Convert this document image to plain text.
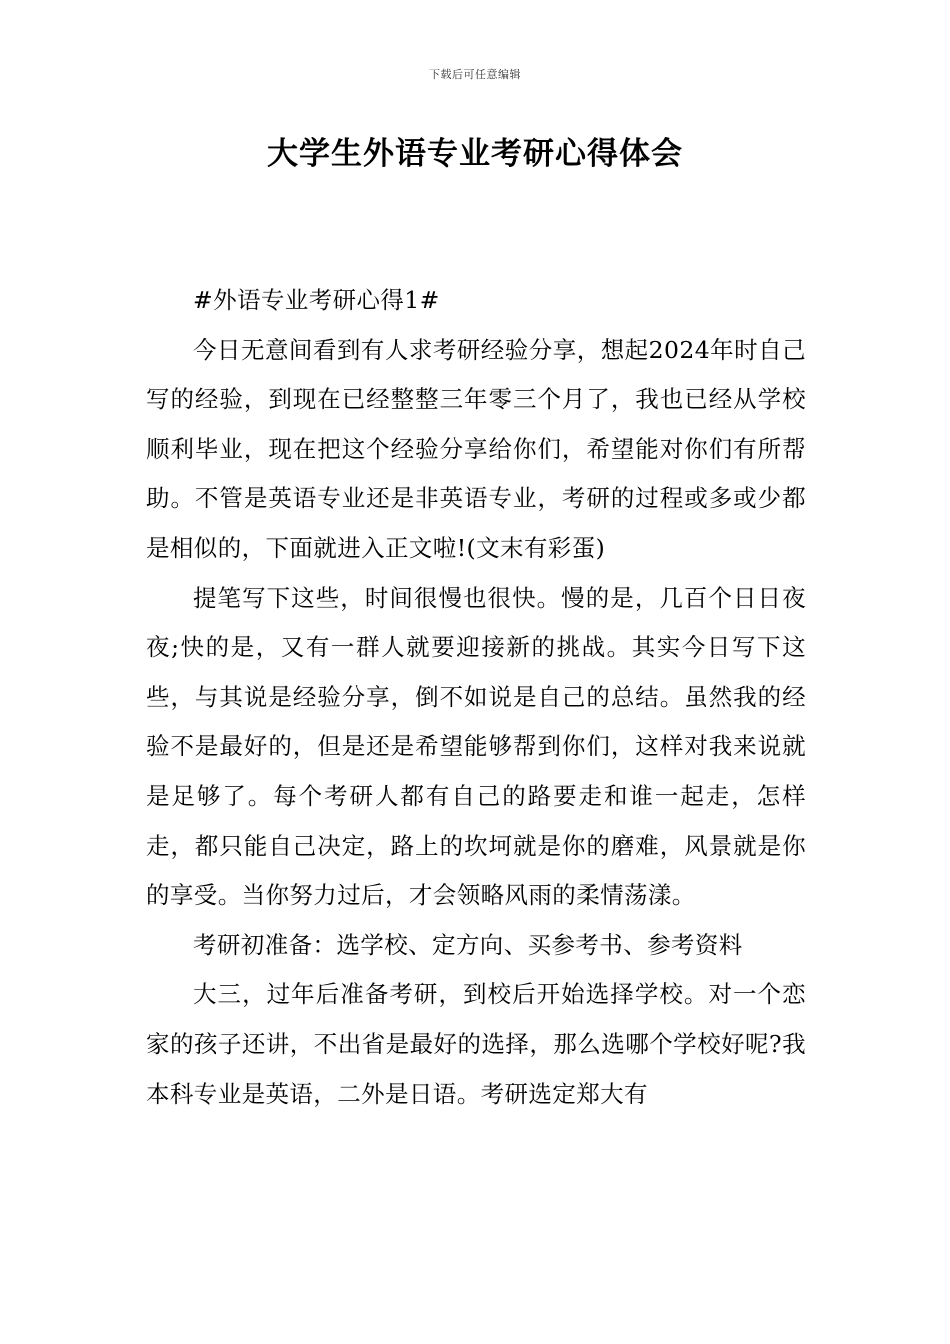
下载后可任意编辑
大学生外语专业考研心得体会

#外语专业考研心得1#

今日无意间看到有人求考研经验分享，想起2024年时自己写的经验，到现在已经整整三年零三个月了，我也已经从学校顺利毕业，现在把这个经验分享给你们，希望能对你们有所帮助。不管是英语专业还是非英语专业，考研的过程或多或少都是相似的，下面就进入正文啦!(文末有彩蛋)

提笔写下这些，时间很慢也很快。慢的是，几百个日日夜夜;快的是，又有一群人就要迎接新的挑战。其实今日写下这些，与其说是经验分享，倒不如说是自己的总结。虽然我的经验不是最好的，但是还是希望能够帮到你们，这样对我来说就是足够了。每个考研人都有自己的路要走和谁一起走，怎样走，都只能自己决定，路上的坎坷就是你的磨难，风景就是你的享受。当你努力过后，才会领略风雨的柔情荡漾。

考研初准备：选学校、定方向、买参考书、参考资料

大三，过年后准备考研，到校后开始选择学校。对一个恋家的孩子还讲，不出省是最好的选择，那么选哪个学校好呢?我本科专业是英语，二外是日语。考研选定郑大有
